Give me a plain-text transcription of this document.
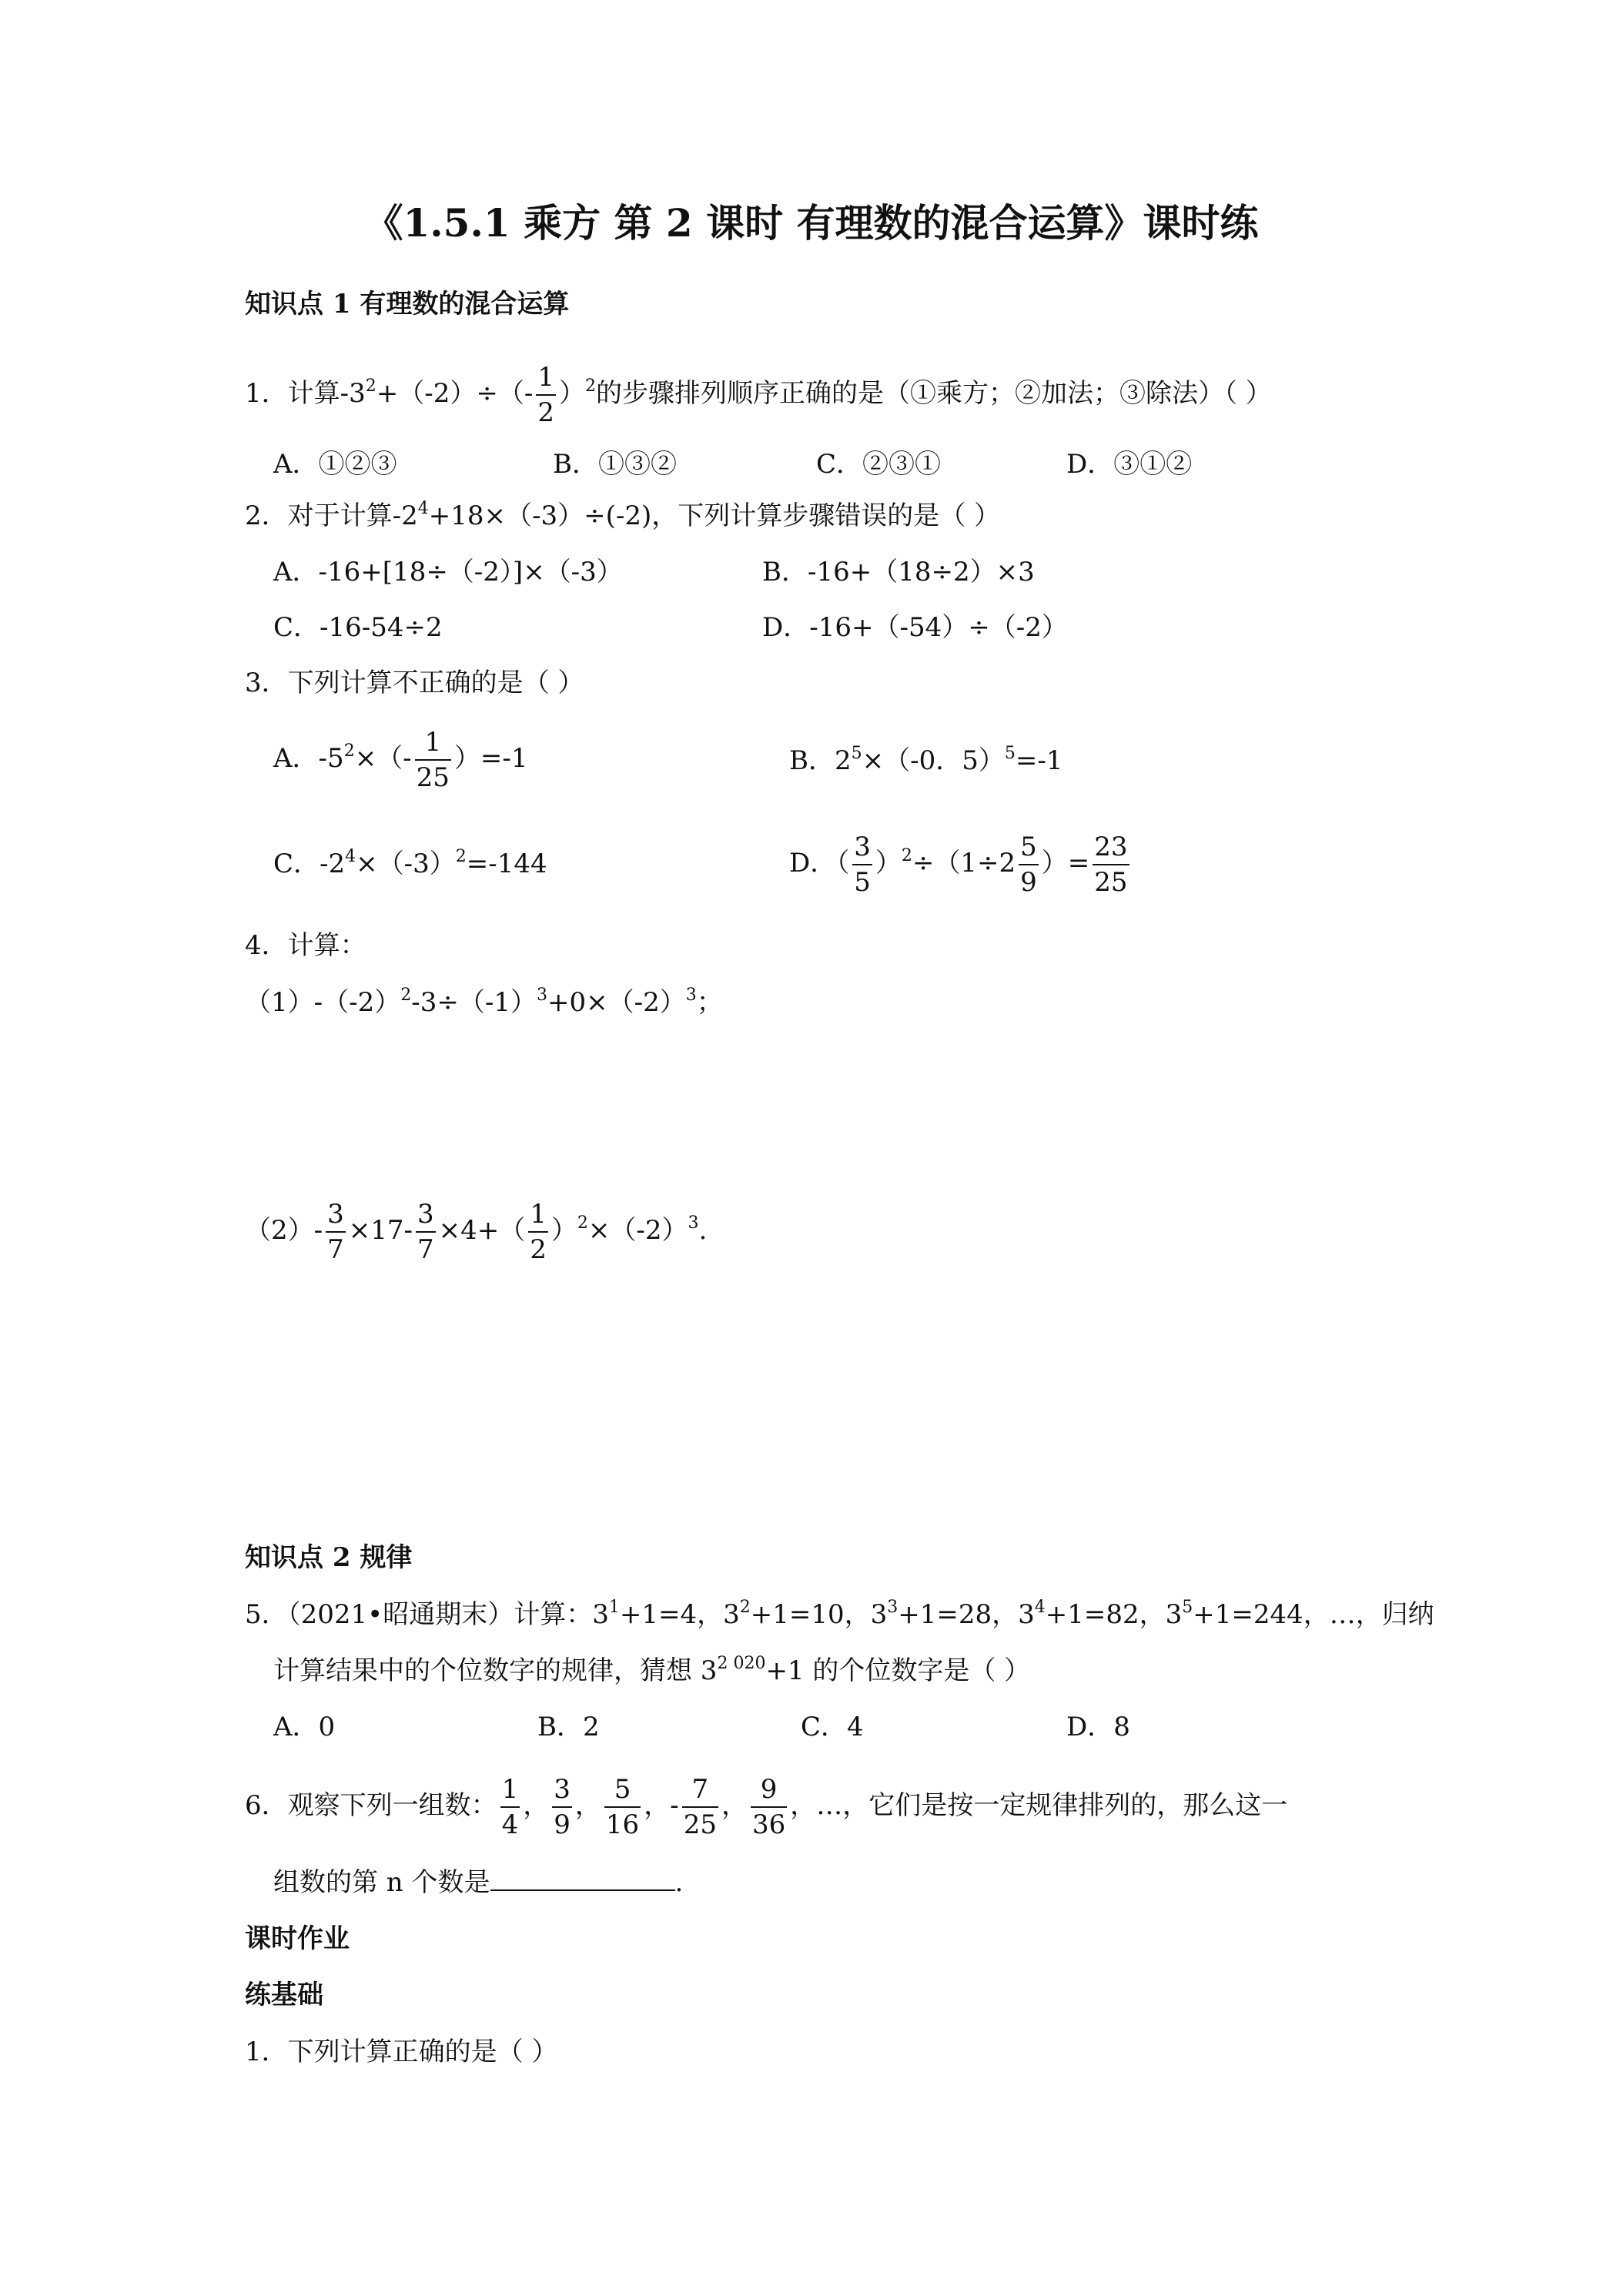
《1.5.1 乘方 第 2 课时 有理数的混合运算》课时练
知识点 1 有理数的混合运算
1．计算$-3^2+(-2)\div(- \frac{1}{2} )^2$的步骤排列顺序正确的是（①乘方；②加法；③除法）（ ）
A．①②③	B．①③②	C．②③①	D．③①②
2．对于计算$-2^4+18\times(-3)\div(-2)$，下列计算步骤错误的是（ ）
A．-16+[18÷（-2）]×（-3）	B．-16+（18÷2）×3
C．-16-54÷2	D．-16+（-54）÷（-2）
3．下列计算不正确的是（ ）
A．$-5^2\times(- \frac{1}{25} )=-1$	B．$2^5\times(-0$．5）$^5$=-1
C．$-2^4\times(-3)^2=-144$	D．（ $\frac{3}{5} )^2\div(1\div 2 \frac{5}{9}$ ）= $\frac{23}{25}$
4．计算：
$(1)-(-2)^2-3\div(-1)^3+0\times(-2)^3$；
$(2)- \frac{3}{7} \times 17- \frac{3}{7} \times 4+( \frac{1}{2} )^2\times(-2)^3$.
知识点 2 规律
5．（2021•昭通期末）计算：$3^1+1=4$，$3^2+1=10$，$3^3+1=28$，$3^4+1=82$，$3^5+1=244$，…，归纳
计算结果中的个位数字的规律，猜想 $3^{2 020}+1$ 的个位数字是（ ）
A．0	B．2	C．4	D．8
6．观察下列一组数： $\frac{1}{4}$ ， $\frac{3}{9}$ ， $\frac{5}{16}$ ，- $\frac{7}{25}$ ， $\frac{9}{36}$ ，…，它们是按一定规律排列的，那么这一
组数的第 n 个数是	.
课时作业
练基础
1．下列计算正确的是（ ）
